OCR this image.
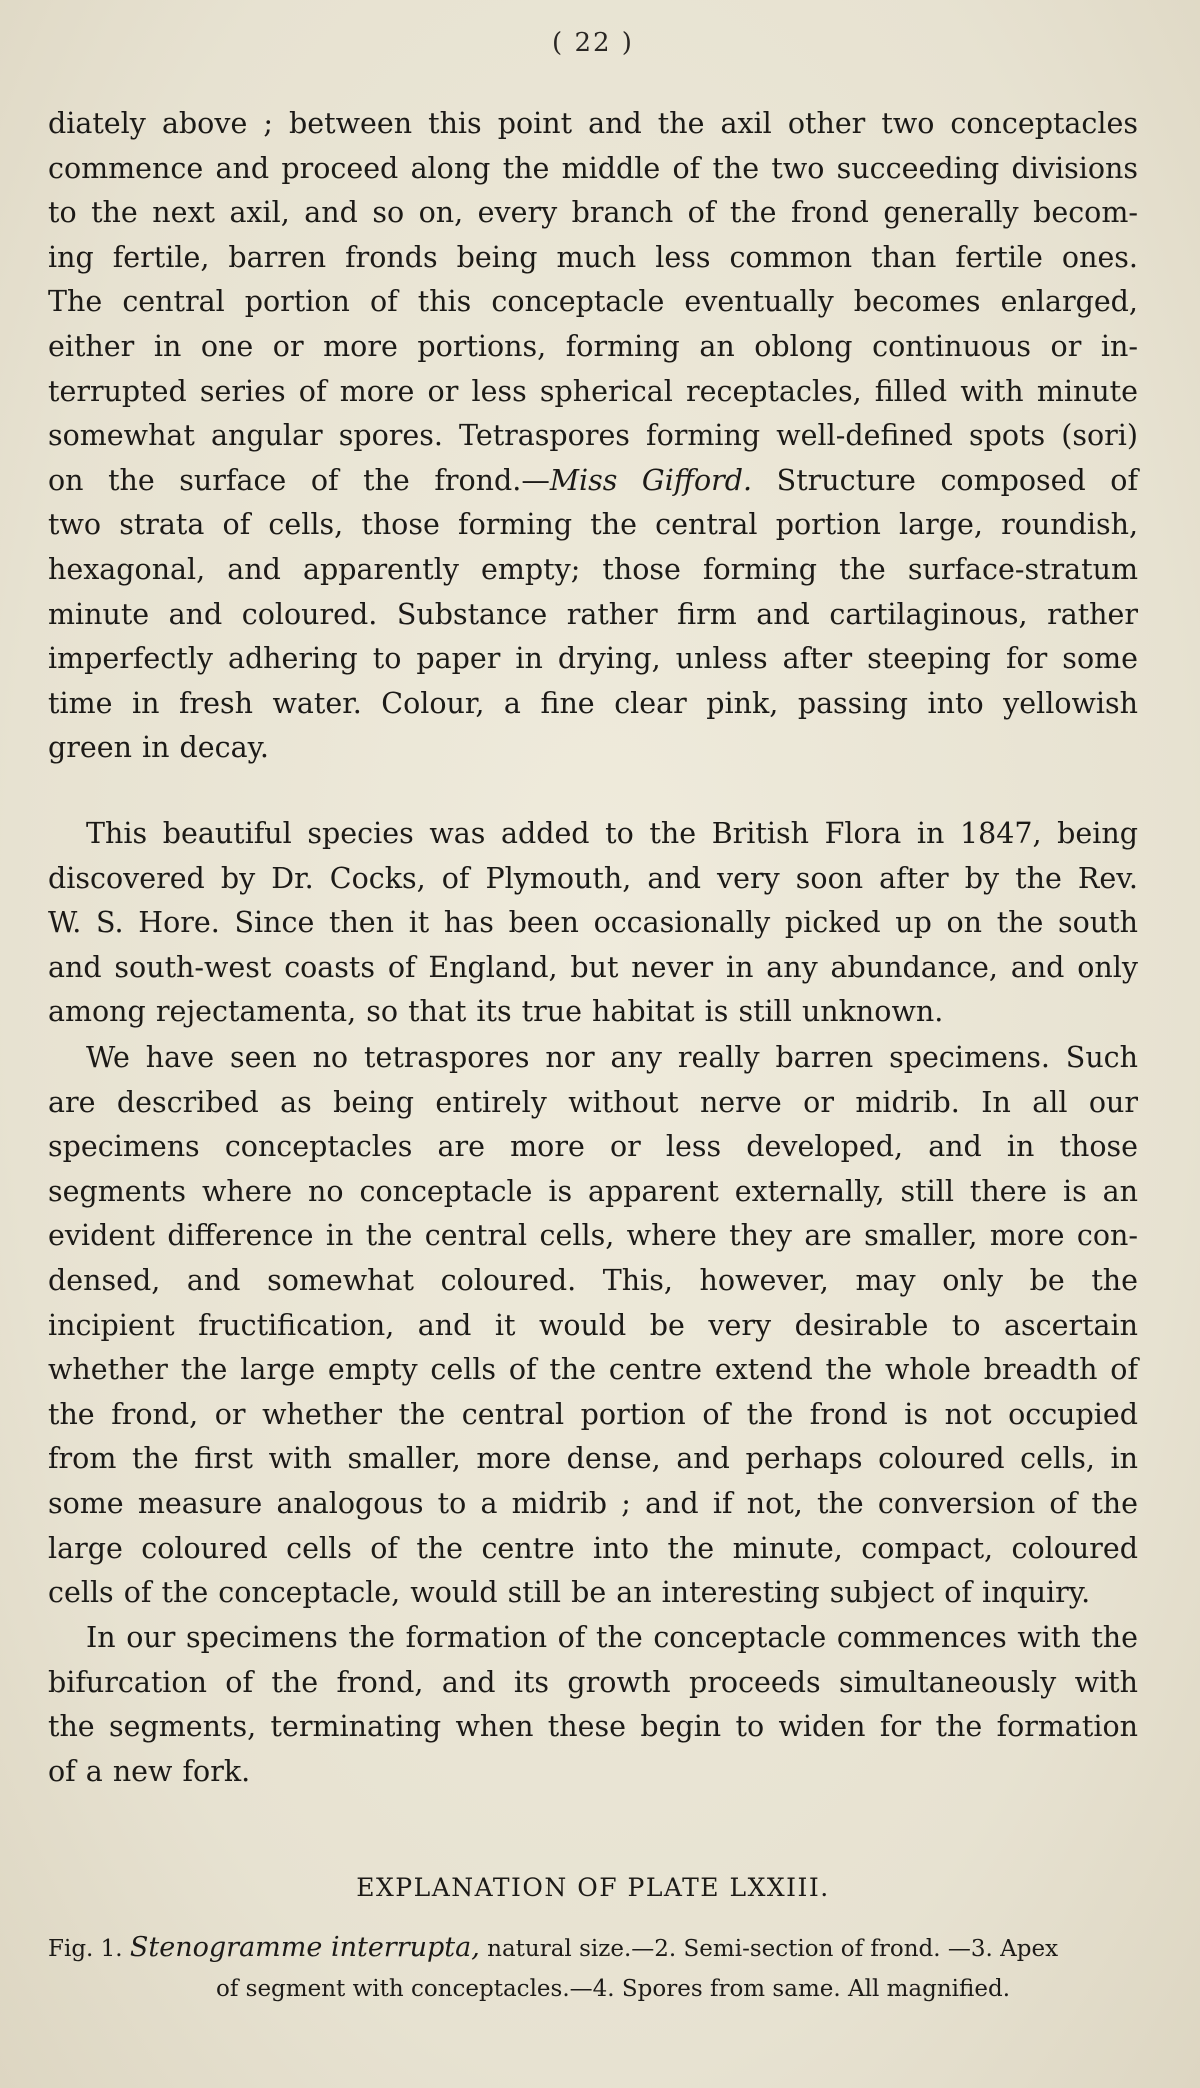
( 22 )
diately above ; between this point and the axil other two conceptacles
commence and proceed along the middle of the two succeeding divisions
to the next axil, and so on, every branch of the frond generally becom-
ing fertile, barren fronds being much less common than fertile ones.
The central portion of this conceptacle eventually becomes enlarged,
either in one or more portions, forming an oblong continuous or in-
terrupted series of more or less spherical receptacles, filled with minute
somewhat angular spores. Tetraspores forming well-defined spots (sori)
on the surface of the frond.—Miss Gifford. Structure composed of
two strata of cells, those forming the central portion large, roundish,
hexagonal, and apparently empty; those forming the surface-stratum
minute and coloured. Substance rather firm and cartilaginous, rather
imperfectly adhering to paper in drying, unless after steeping for some
time in fresh water. Colour, a fine clear pink, passing into yellowish
green in decay.
This beautiful species was added to the British Flora in 1847, being
discovered by Dr. Cocks, of Plymouth, and very soon after by the Rev.
W. S. Hore. Since then it has been occasionally picked up on the south
and south-west coasts of England, but never in any abundance, and only
among rejectamenta, so that its true habitat is still unknown.
We have seen no tetraspores nor any really barren specimens. Such
are described as being entirely without nerve or midrib. In all our
specimens conceptacles are more or less developed, and in those
segments where no conceptacle is apparent externally, still there is an
evident difference in the central cells, where they are smaller, more con-
densed, and somewhat coloured. This, however, may only be the
incipient fructification, and it would be very desirable to ascertain
whether the large empty cells of the centre extend the whole breadth of
the frond, or whether the central portion of the frond is not occupied
from the first with smaller, more dense, and perhaps coloured cells, in
some measure analogous to a midrib ; and if not, the conversion of the
large coloured cells of the centre into the minute, compact, coloured
cells of the conceptacle, would still be an interesting subject of inquiry.
In our specimens the formation of the conceptacle commences with the
bifurcation of the frond, and its growth proceeds simultaneously with
the segments, terminating when these begin to widen for the formation
of a new fork.
EXPLANATION OF PLATE LXXIII.
Fig. 1. Stenogramme interrupta, natural size.—2. Semi-section of frond. —3. Apex
of segment with conceptacles.—4. Spores from same. All magnified.
